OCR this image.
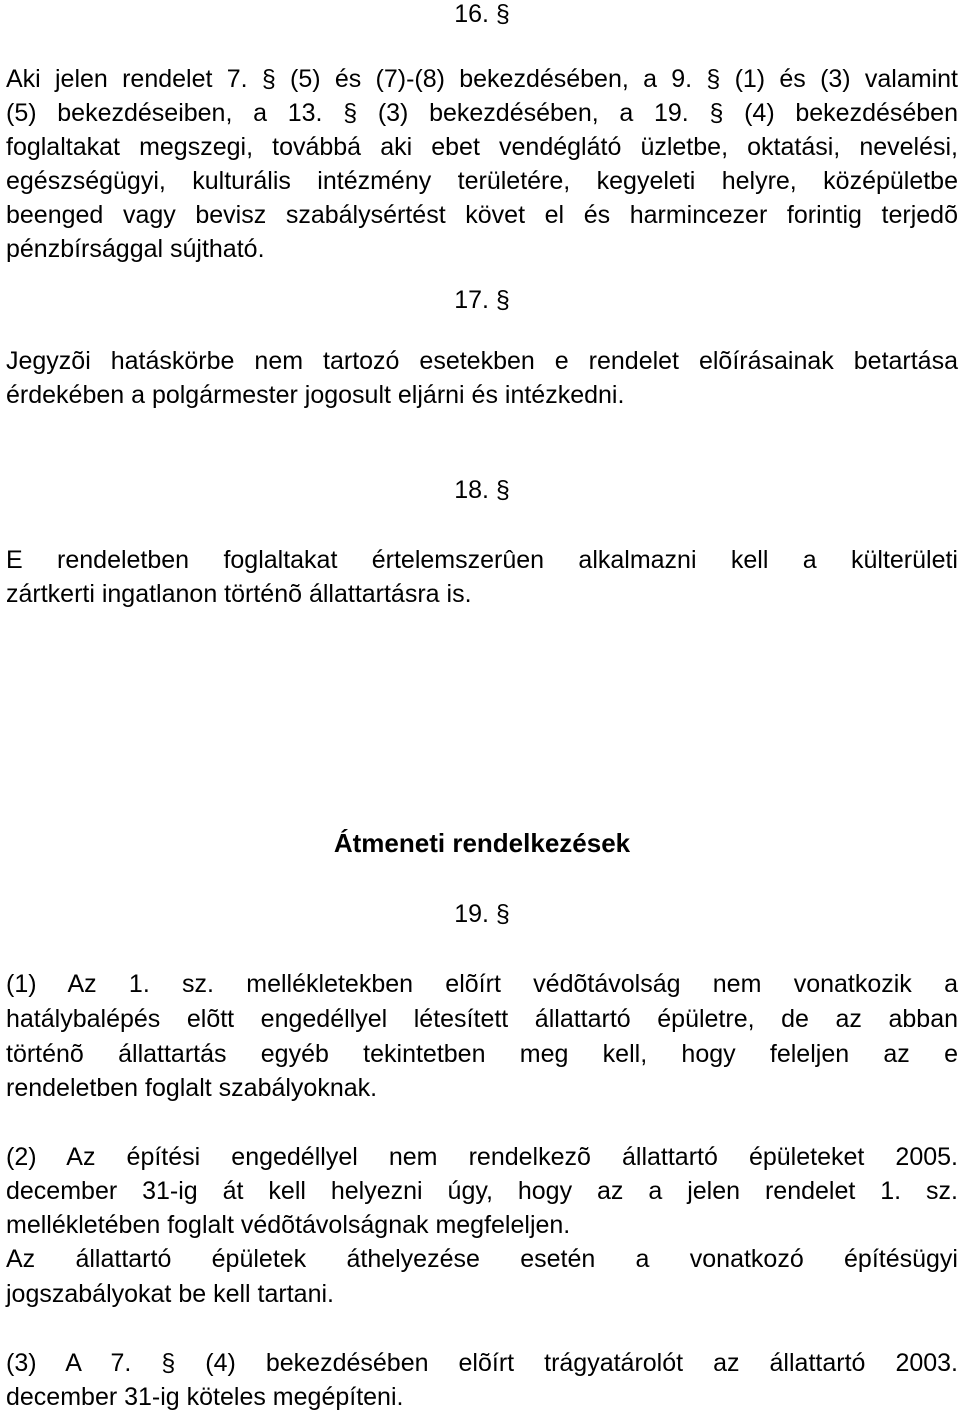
16. §
Aki jelen rendelet 7. § (5) és (7)-(8) bekezdésében, a 9. § (1) és (3) valamint
(5) bekezdéseiben, a 13. § (3) bekezdésében, a 19. § (4) bekezdésében
foglaltakat megszegi, továbbá aki ebet vendéglátó üzletbe, oktatási, nevelési,
egészségügyi, kulturális intézmény területére, kegyeleti helyre, középületbe
beenged vagy bevisz szabálysértést követ el és harmincezer forintig terjedõ
pénzbírsággal sújtható.
17. §
Jegyzõi hatáskörbe nem tartozó esetekben e rendelet elõírásainak betartása
érdekében a polgármester jogosult eljárni és intézkedni.
18. §
E rendeletben foglaltakat értelemszerûen alkalmazni kell a külterületi
zártkerti ingatlanon történõ állattartásra is.
Átmeneti rendelkezések
19. §
(1) Az 1. sz. mellékletekben elõírt védõtávolság nem vonatkozik a
hatálybalépés elõtt engedéllyel létesített állattartó épületre, de az abban
történõ állattartás egyéb tekintetben meg kell, hogy feleljen az e
rendeletben foglalt szabályoknak.
(2) Az építési engedéllyel nem rendelkezõ állattartó épületeket 2005.
december 31-ig át kell helyezni úgy, hogy az a jelen rendelet 1. sz.
mellékletében foglalt védõtávolságnak megfeleljen.
Az állattartó épületek áthelyezése esetén a vonatkozó építésügyi
jogszabályokat be kell tartani.
(3) A 7. § (4) bekezdésében elõírt trágyatárolót az állattartó 2003.
december 31-ig köteles megépíteni.
